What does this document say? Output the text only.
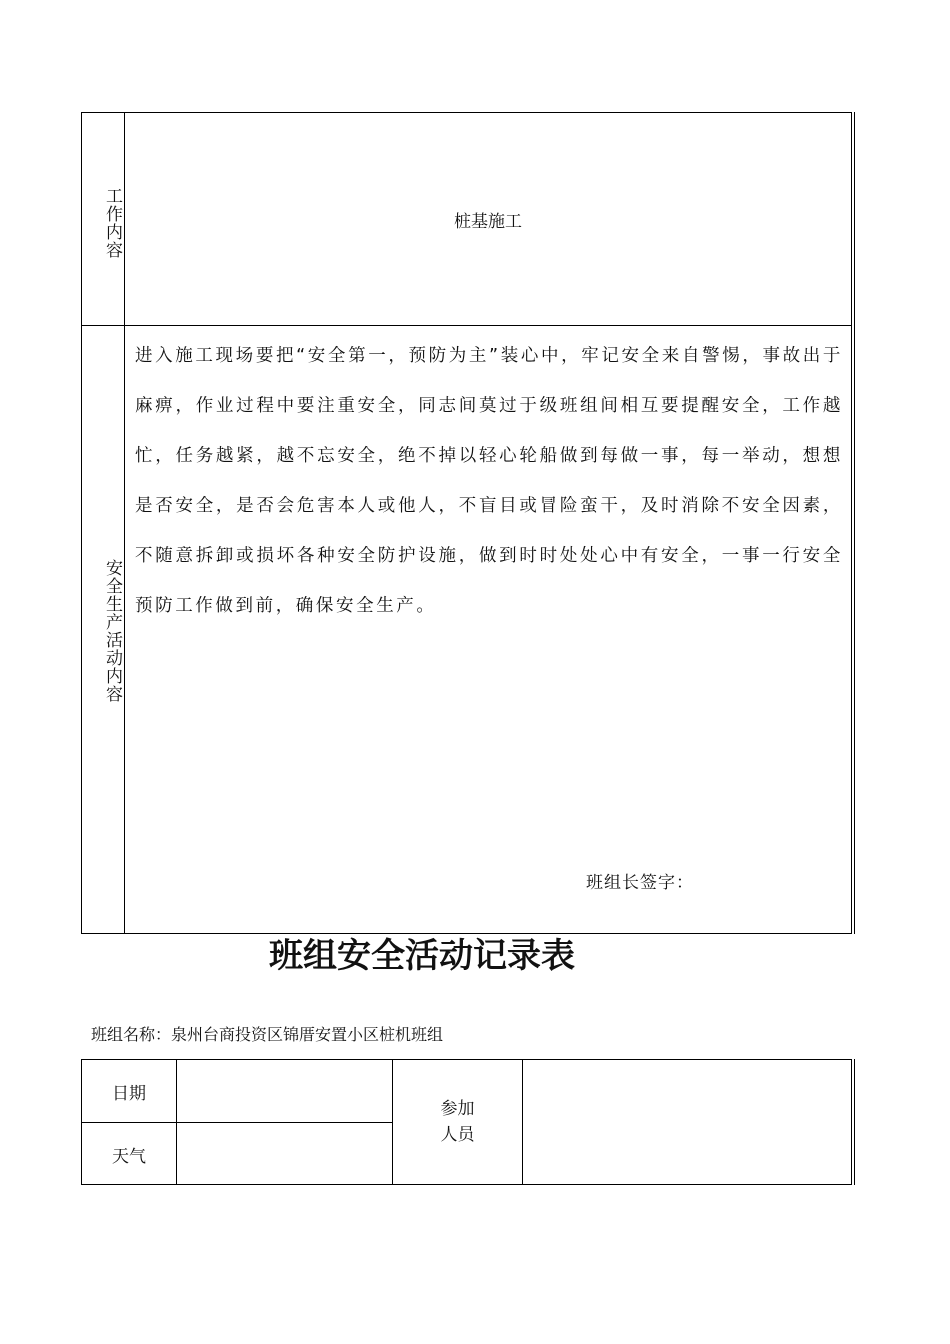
工作内容	桩基施工
安全生产活动内容
进入施工现场要把“安全第一，预防为主”装心中，牢记安全来自警惕，事故出于麻痹，作业过程中要注重安全，同志间莫过于级班组间相互要提醒安全，工作越忙，任务越紧，越不忘安全，绝不掉以轻心轮船做到每做一事，每一举动，想想是否安全，是否会危害本人或他人，不盲目或冒险蛮干，及时消除不安全因素，不随意拆卸或损坏各种安全防护设施，做到时时处处心中有安全，一事一行安全预防工作做到前，确保安全生产。
班组长签字：
班组安全活动记录表
班组名称：泉州台商投资区锦厝安置小区桩机班组
日期
天气
参加
人员
